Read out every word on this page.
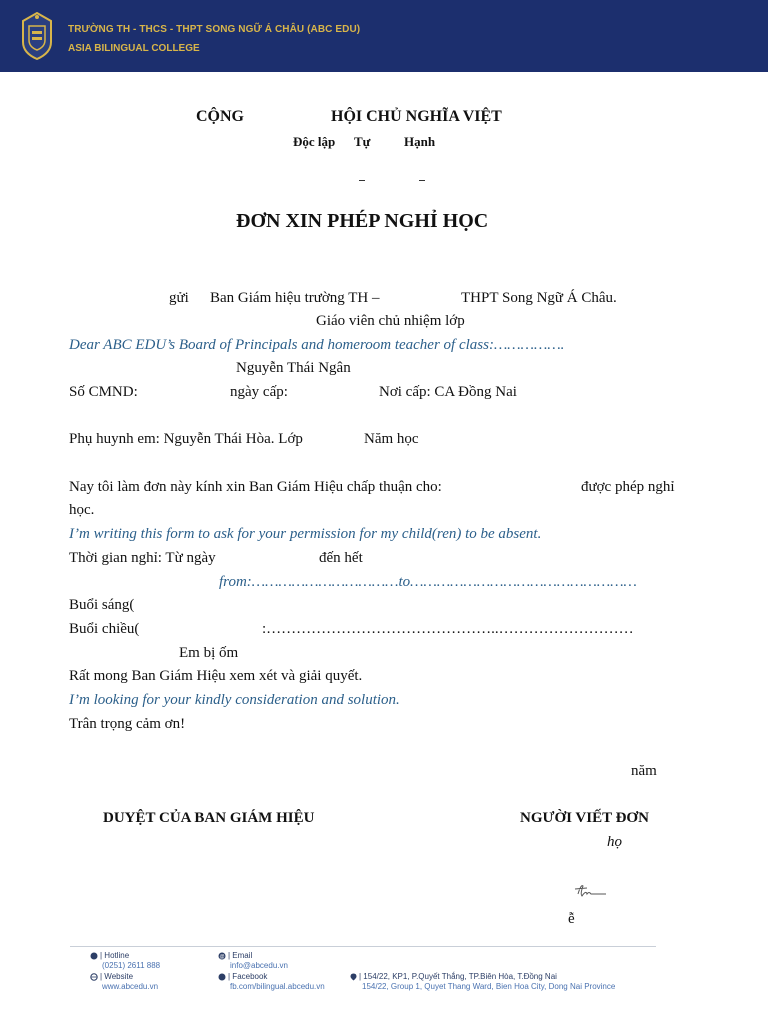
TRƯỜNG TH - THCS - THPT SONG NGỮ Á CHÂU (ABC EDU)
ASIA BILINGUAL COLLEGE
CỘNG	HỘI CHỦ NGHĨA VIỆT
Độc lập Tự	Hạnh
ĐƠN XIN PHÉP NGHỈ HỌC
gửi Ban Giám hiệu trường TH –	THPT Song Ngữ Á Châu.
Giáo viên chủ nhiệm lớp
Dear ABC EDU’s Board of Principals and homeroom teacher of class:…………….
Nguyễn Thái Ngân
Số CMND:	ngày cấp:	Nơi cấp: CA Đồng Nai
Phụ huynh em: Nguyễn Thái Hòa. Lớp	Năm học
Nay tôi làm đơn này kính xin Ban Giám Hiệu chấp thuận cho:	được phép nghỉ
học.
I’m writing this form to ask for your permission for my child(ren) to be absent.
Thời gian nghỉ: Từ ngày	đến hết
from:……………………………to……………………………………………
Buổi sáng(
Buổi chiều(	:………………………………………..………………………
Em bị ốm
Rất mong Ban Giám Hiệu xem xét và giải quyết.
I’m looking for your kindly consideration and solution.
Trân trọng cảm ơn!
năm
DUYỆT CỦA BAN GIÁM HIỆU	NGƯỜI VIẾT ĐƠN
họ
ễ
| Hotline
(0251) 2611 888
| Website
www.abcedu.vn
@ | Email
info@abcedu.vn
| Facebook
fb.com/bilingual.abcedu.vn
| 154/22, KP1, P.Quyết Thắng, TP.Biên Hòa, T.Đồng Nai
154/22, Group 1, Quyet Thang Ward, Bien Hoa City, Dong Nai Province
